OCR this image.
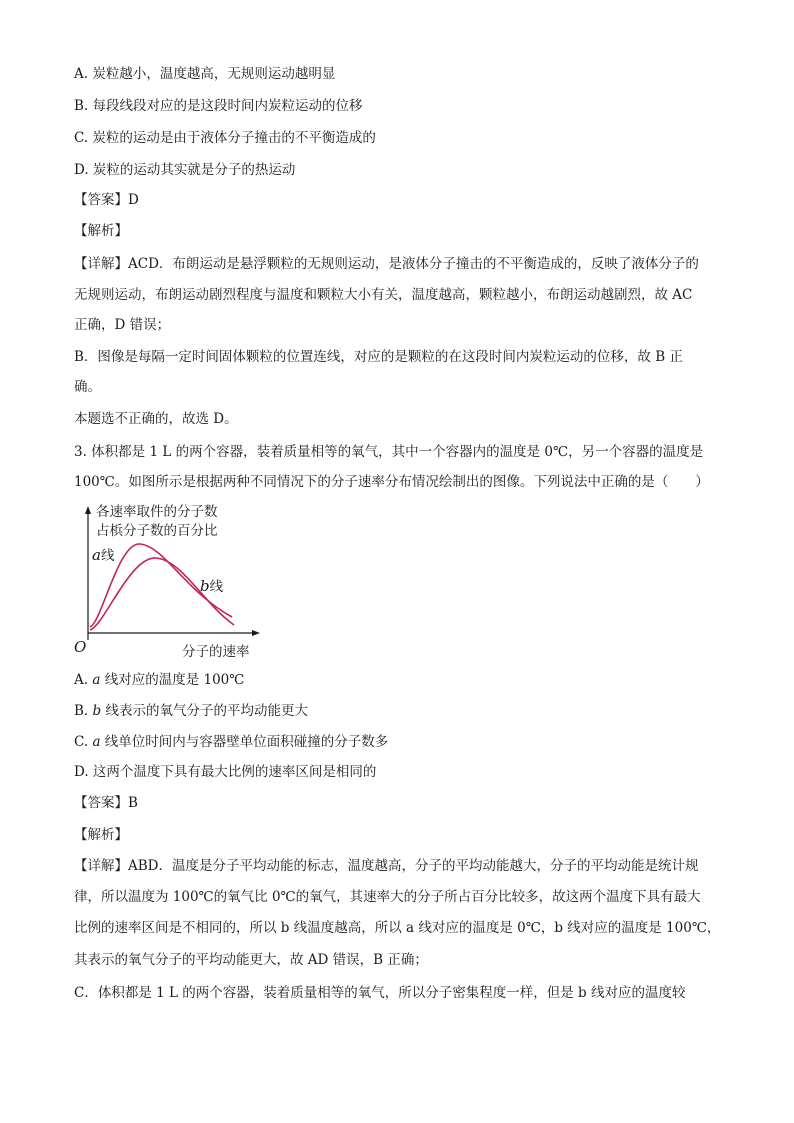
A. 炭粒越小，温度越高，无规则运动越明显
B. 每段线段对应的是这段时间内炭粒运动的位移
C. 炭粒的运动是由于液体分子撞击的不平衡造成的
D. 炭粒的运动其实就是分子的热运动
【答案】D
【解析】
【详解】ACD．布朗运动是悬浮颗粒的无规则运动，是液体分子撞击的不平衡造成的，反映了液体分子的
无规则运动，布朗运动剧烈程度与温度和颗粒大小有关，温度越高，颗粒越小，布朗运动越剧烈，故 AC
正确，D 错误；
B．图像是每隔一定时间固体颗粒的位置连线，对应的是颗粒的在这段时间内炭粒运动的位移，故 B 正
确。
本题选不正确的，故选 D。
3. 体积都是 1 L 的两个容器，装着质量相等的氧气，其中一个容器内的温度是 0℃，另一个容器的温度是
100℃。如图所示是根据两种不同情况下的分子速率分布情况绘制出的图像。下列说法中正确的是（　　）
各速率取件的分子数
占梹分子数的百分比
a线
b线
O	分子的速率
A. a 线对应的温度是 100℃
B. b 线表示的氧气分子的平均动能更大
C. a 线单位时间内与容器壁单位面积碰撞的分子数多
D. 这两个温度下具有最大比例的速率区间是相同的
【答案】B
【解析】
【详解】ABD．温度是分子平均动能的标志，温度越高，分子的平均动能越大，分子的平均动能是统计规
律，所以温度为 100℃的氧气比 0℃的氧气，其速率大的分子所占百分比较多，故这两个温度下具有最大
比例的速率区间是不相同的，所以 b 线温度越高，所以 a 线对应的温度是 0℃，b 线对应的温度是 100℃，
其表示的氧气分子的平均动能更大，故 AD 错误，B 正确；
C．体积都是 1 L 的两个容器，装着质量相等的氧气，所以分子密集程度一样，但是 b 线对应的温度较
